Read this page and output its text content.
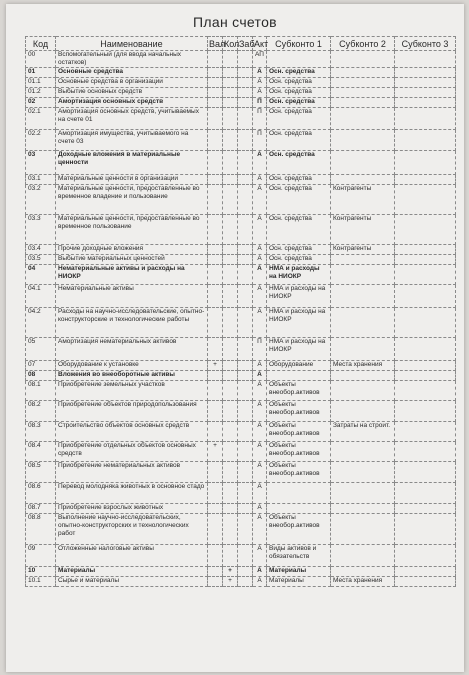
План счетов
Код	Наименование	Вал	Кол	Заб	Акт	Субконто 1	Субконто 2	Субконто 3
00	Вспомогательный (для ввода начальных остатков)				АП			
01	Основные средства				А	Осн. средства		
01.1	Основные средства в организации				А	Осн. средства		
01.2	Выбытие основных средств				А	Осн. средства		
02	Амортизация основных средств				П	Осн. средства		
02.1	Амортизация основных средств, учитываемых на счете 01				П	Осн. средства		
02.2	Амортизация имущества, учитываемого на счете 03				П	Осн. средства		
03	Доходные вложения в материальные ценности				А	Осн. средства		
03.1	Материальные ценности в организации				А	Осн. средства		
03.2	Материальные ценности, предоставленные во временное владение и пользование				А	Осн. средства	Контрагенты	
03.3	Материальные ценности, предоставленные во временное пользование				А	Осн. средства	Контрагенты	
03.4	Прочие доходные вложения				А	Осн. средства	Контрагенты	
03.5	Выбытие материальных ценностей				А	Осн. средства		
04	Нематериальные активы и расходы на НИОКР				А	НМА и расходы на НИОКР		
04.1	Нематериальные активы				А	НМА и расходы на НИОКР		
04.2	Расходы на научно-исследовательские, опытно-конструкторские и технологические работы				А	НМА и расходы на НИОКР		
05	Амортизация нематериальных активов				П	НМА и расходы на НИОКР		
07	Оборудование к установке	+			А	Оборудование	Места хранения	
08	Вложения во внеоборотные активы				А			
08.1	Приобретение земельных участков				А	Объекты внеобор.активов		
08.2	Приобретение объектов природопользования				А	Объекты внеобор.активов		
08.3	Строительство объектов основных средств				А	Объекты внеобор.активов	Затраты на строит.	
08.4	Приобретение отдельных объектов основных средств	+			А	Объекты внеобор.активов		
08.5	Приобретение нематериальных активов				А	Объекты внеобор.активов		
08.6	Перевод молодняка животных в основное стадо				А			
08.7	Приобретение взрослых животных				А			
08.8	Выполнение научно-исследовательских, опытно-конструкторских и технологических работ				А	Объекты внеобор.активов		
09	Отложенные налоговые активы				А	Виды активов и обязательств		
10	Материалы		+		А	Материалы		
10.1	Сырье и материалы		+		А	Материалы	Места хранения	
